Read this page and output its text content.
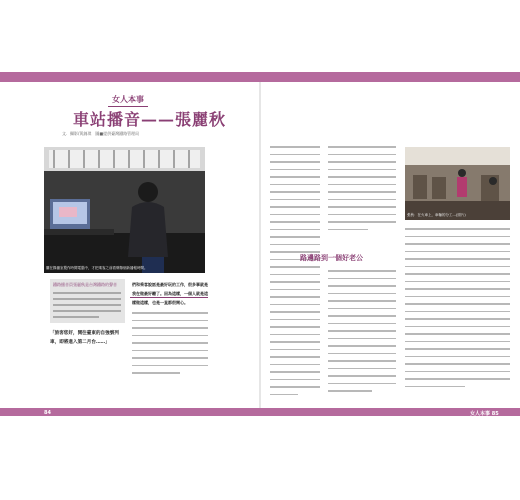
女人本事
車站播音——張麗秋
文．攝影/黃錦琪　圖■提供臺灣鐵路管理局
攝在錄播室製作時間電腦中，才把乘客之前看牌錄個新播報時間。
張秋：在火車上，車輛的分工…(照片)
鐵路播音員張麗秋是台灣鐵路的聲音	們和乘客說話是最好玩的工作，很多事就是我在做最好聽了。因為這樣，一個人就是這樣做這樣，也是一直都很開心。
「旅客您好，開往臺東的自強號列車，即將進入第二月台……」
路邊路到一個好老公
84	女人本事 85
